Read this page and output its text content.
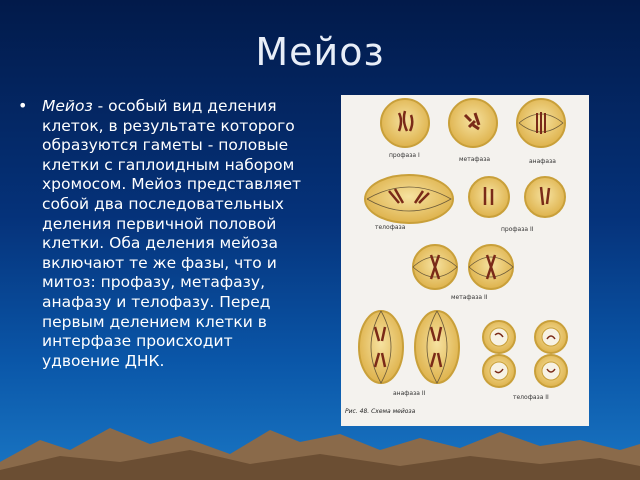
Мейоз
• Мейоз - особый вид деления клеток, в результате которого образуются гаметы - половые клетки с гаплоидным набором хромосом. Мейоз представляет собой два последовательных деления первичной половой клетки. Оба деления мейоза включают те же фазы, что и митоз: профазу, метафазу, анафазу и телофазу. Перед первым делением клетки в интерфазе происходит удвоение ДНК.
профаза I
метафаза	анафаза
телофаза	профаза II
метафаза II
анафаза II
телофаза II
Рис. 48. Схема мейоза
